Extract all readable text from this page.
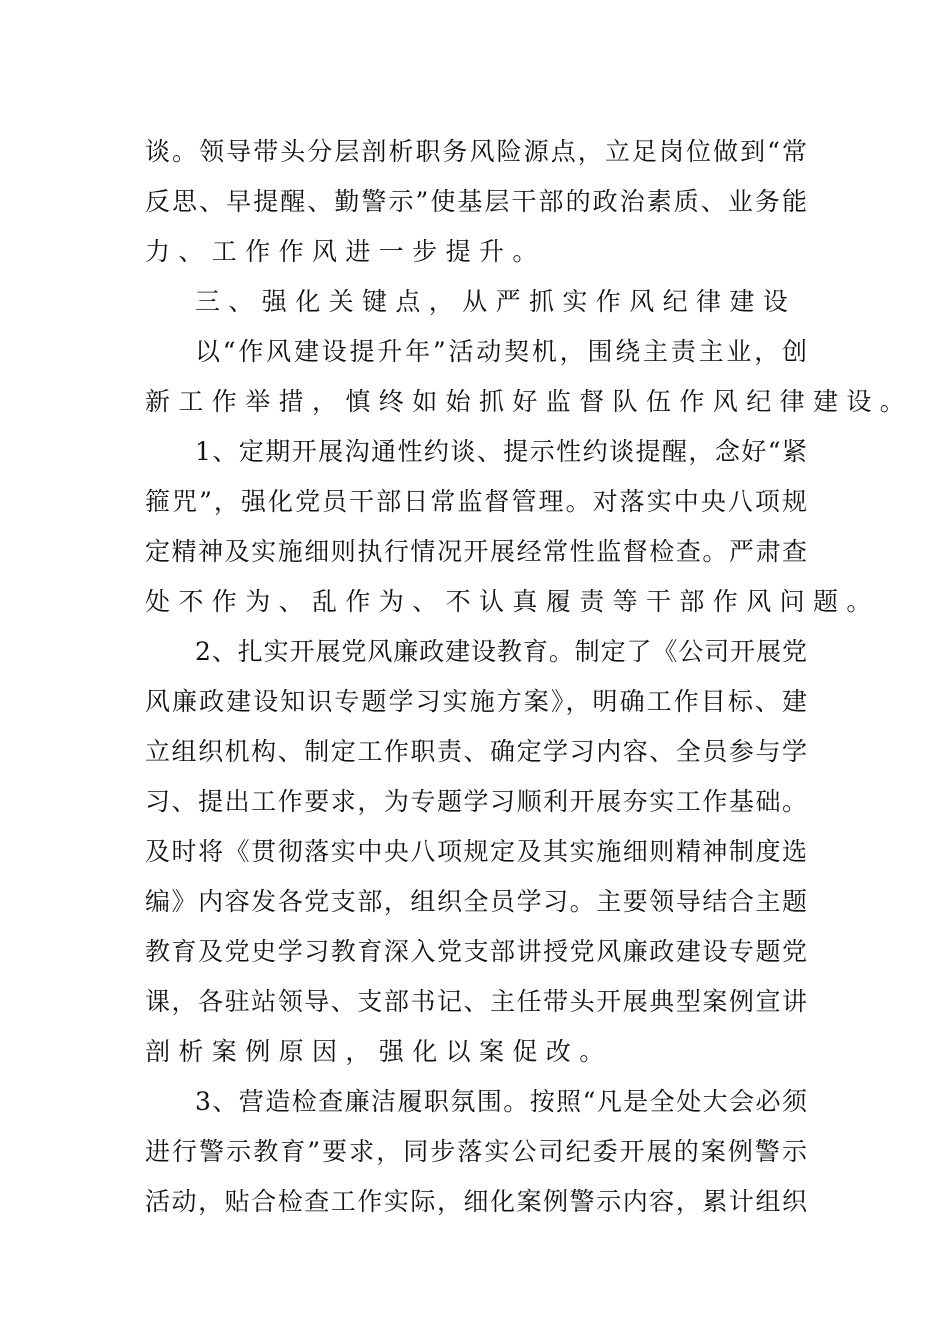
谈。领导带头分层剖析职务风险源点，立足岗位做到“常
反思、早提醒、勤警示”使基层干部的政治素质、业务能
力、工作作风进一步提升。
三、强化关键点，从严抓实作风纪律建设
以“作风建设提升年”活动契机，围绕主责主业，创
新工作举措，慎终如始抓好监督队伍作风纪律建设。
1、定期开展沟通性约谈、提示性约谈提醒，念好“紧
箍咒”，强化党员干部日常监督管理。对落实中央八项规
定精神及实施细则执行情况开展经常性监督检查。严肃查
处不作为、乱作为、不认真履责等干部作风问题。
2、扎实开展党风廉政建设教育。制定了《公司开展党
风廉政建设知识专题学习实施方案》，明确工作目标、建
立组织机构、制定工作职责、确定学习内容、全员参与学
习、提出工作要求，为专题学习顺利开展夯实工作基础。
及时将《贯彻落实中央八项规定及其实施细则精神制度选
编》内容发各党支部，组织全员学习。主要领导结合主题
教育及党史学习教育深入党支部讲授党风廉政建设专题党
课，各驻站领导、支部书记、主任带头开展典型案例宣讲
剖析案例原因，强化以案促改。
3、营造检查廉洁履职氛围。按照“凡是全处大会必须
进行警示教育”要求，同步落实公司纪委开展的案例警示
活动，贴合检查工作实际，细化案例警示内容，累计组织
